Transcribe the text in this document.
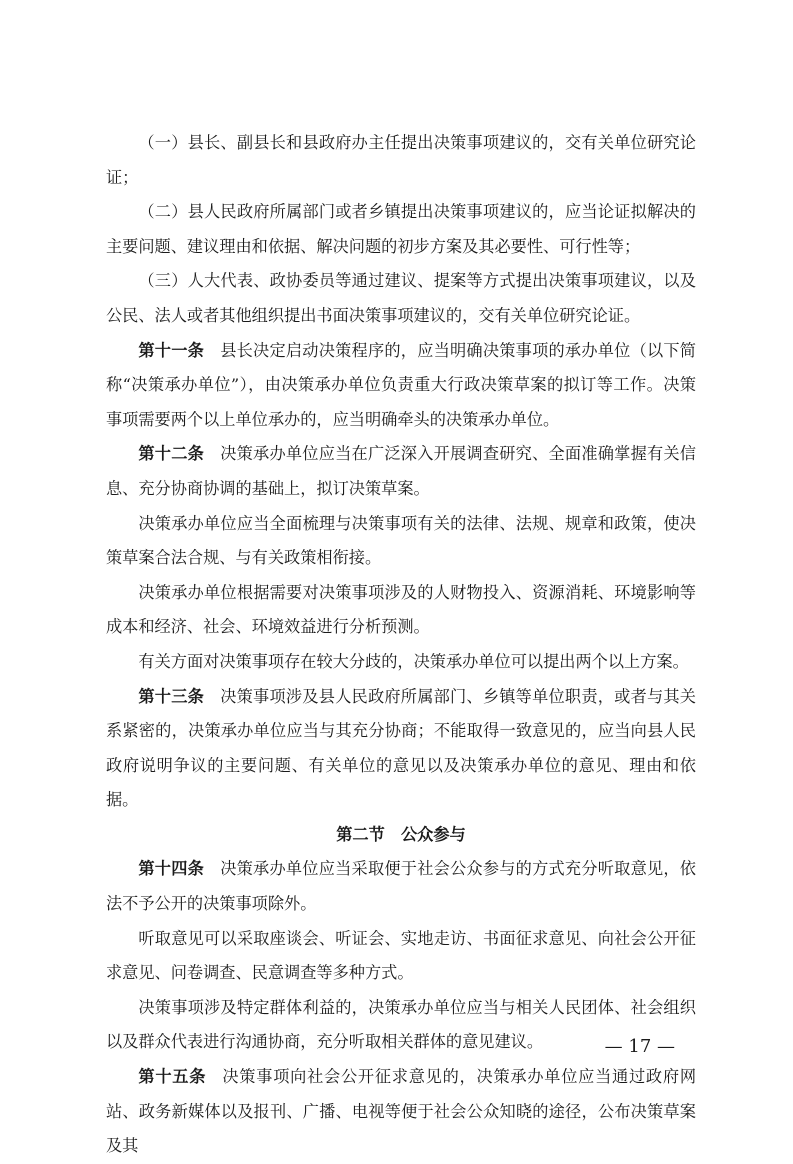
（一）县长、副县长和县政府办主任提出决策事项建议的，交有关单位研究论证；

（二）县人民政府所属部门或者乡镇提出决策事项建议的，应当论证拟解决的主要问题、建议理由和依据、解决问题的初步方案及其必要性、可行性等；

（三）人大代表、政协委员等通过建议、提案等方式提出决策事项建议，以及公民、法人或者其他组织提出书面决策事项建议的，交有关单位研究论证。

第十一条 县长决定启动决策程序的，应当明确决策事项的承办单位（以下简称“决策承办单位”），由决策承办单位负责重大行政决策草案的拟订等工作。决策事项需要两个以上单位承办的，应当明确牵头的决策承办单位。

第十二条 决策承办单位应当在广泛深入开展调查研究、全面准确掌握有关信息、充分协商协调的基础上，拟订决策草案。

决策承办单位应当全面梳理与决策事项有关的法律、法规、规章和政策，使决策草案合法合规、与有关政策相衔接。

决策承办单位根据需要对决策事项涉及的人财物投入、资源消耗、环境影响等成本和经济、社会、环境效益进行分析预测。

有关方面对决策事项存在较大分歧的，决策承办单位可以提出两个以上方案。

第十三条 决策事项涉及县人民政府所属部门、乡镇等单位职责，或者与其关系紧密的，决策承办单位应当与其充分协商；不能取得一致意见的，应当向县人民政府说明争议的主要问题、有关单位的意见以及决策承办单位的意见、理由和依据。

第二节　公众参与

第十四条 决策承办单位应当采取便于社会公众参与的方式充分听取意见，依法不予公开的决策事项除外。

听取意见可以采取座谈会、听证会、实地走访、书面征求意见、向社会公开征求意见、问卷调查、民意调查等多种方式。

决策事项涉及特定群体利益的，决策承办单位应当与相关人民团体、社会组织以及群众代表进行沟通协商，充分听取相关群体的意见建议。

第十五条 决策事项向社会公开征求意见的，决策承办单位应当通过政府网站、政务新媒体以及报刊、广播、电视等便于社会公众知晓的途径，公布决策草案及其

— 17 —
